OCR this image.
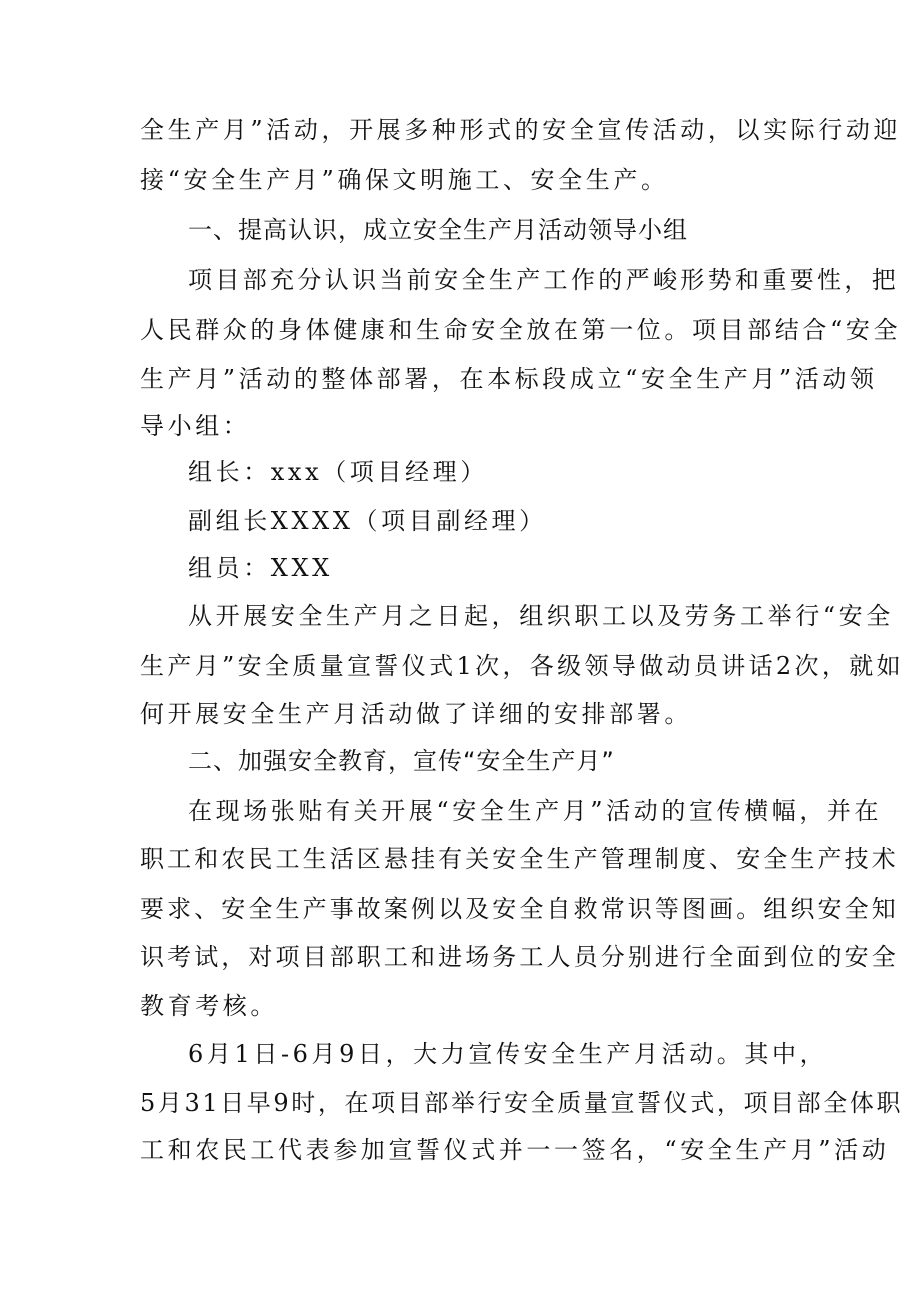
全生产月”活动，开展多种形式的安全宣传活动，以实际行动迎
接“安全生产月”确保文明施工、安全生产。
一、提高认识，成立安全生产月活动领导小组
项目部充分认识当前安全生产工作的严峻形势和重要性，把
人民群众的身体健康和生命安全放在第一位。项目部结合“安全
生产月”活动的整体部署，在本标段成立“安全生产月”活动领
导小组：
组长：xxx（项目经理）
副组长XXXX（项目副经理）
组员：XXX
从开展安全生产月之日起，组织职工以及劳务工举行“安全
生产月”安全质量宣誓仪式1次，各级领导做动员讲话2次，就如
何开展安全生产月活动做了详细的安排部署。
二、加强安全教育，宣传“安全生产月”
在现场张贴有关开展“安全生产月”活动的宣传横幅，并在
职工和农民工生活区悬挂有关安全生产管理制度、安全生产技术
要求、安全生产事故案例以及安全自救常识等图画。组织安全知
识考试，对项目部职工和进场务工人员分别进行全面到位的安全
教育考核。
6月1日-6月9日，大力宣传安全生产月活动。其中，
5月31日早9时，在项目部举行安全质量宣誓仪式，项目部全体职
工和农民工代表参加宣誓仪式并一一签名，“安全生产月”活动
